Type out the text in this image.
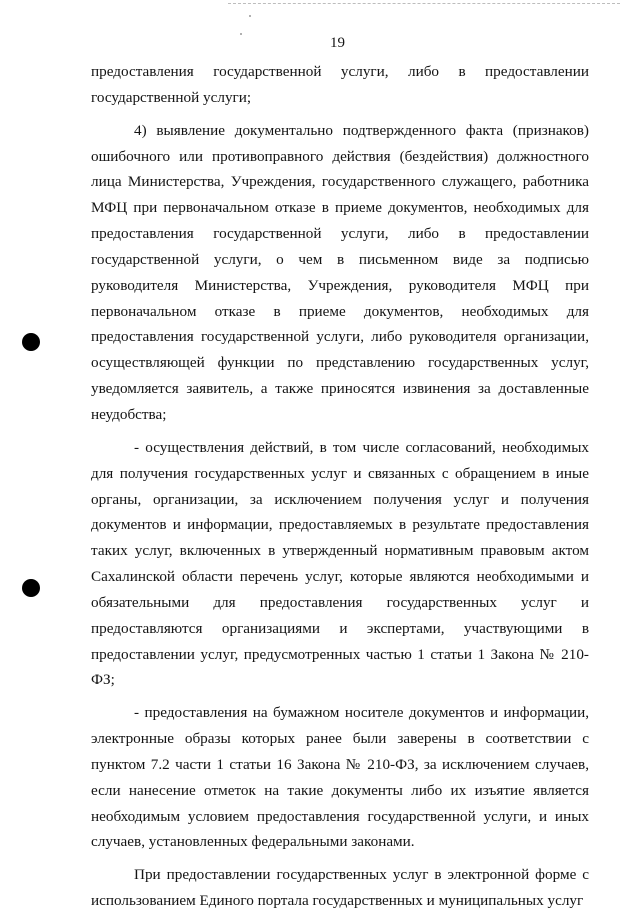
19

предоставления государственной услуги, либо в предоставлении государственной услуги;

4) выявление документально подтвержденного факта (признаков) ошибочного или противоправного действия (бездействия) должностного лица Министерства, Учреждения, государственного служащего, работника МФЦ при первоначальном отказе в приеме документов, необходимых для предоставления государственной услуги, либо в предоставлении государственной услуги, о чем в письменном виде за подписью руководителя Министерства, Учреждения, руководителя МФЦ при первоначальном отказе в приеме документов, необходимых для предоставления государственной услуги, либо руководителя организации, осуществляющей функции по представлению государственных услуг, уведомляется заявитель, а также приносятся извинения за доставленные неудобства;

- осуществления действий, в том числе согласований, необходимых для получения государственных услуг и связанных с обращением в иные органы, организации, за исключением получения услуг и получения документов и информации, предоставляемых в результате предоставления таких услуг, включенных в утвержденный нормативным правовым актом Сахалинской области перечень услуг, которые являются необходимыми и обязательными для предоставления государственных услуг и предоставляются организациями и экспертами, участвующими в предоставлении услуг, предусмотренных частью 1 статьи 1 Закона № 210-ФЗ;

- предоставления на бумажном носителе документов и информации, электронные образы которых ранее были заверены в соответствии с пунктом 7.2 части 1 статьи 16 Закона № 210-ФЗ, за исключением случаев, если нанесение отметок на такие документы либо их изъятие является необходимым условием предоставления государственной услуги, и иных случаев, установленных федеральными законами.

При предоставлении государственных услуг в электронной форме с использованием Единого портала государственных и муниципальных услуг
